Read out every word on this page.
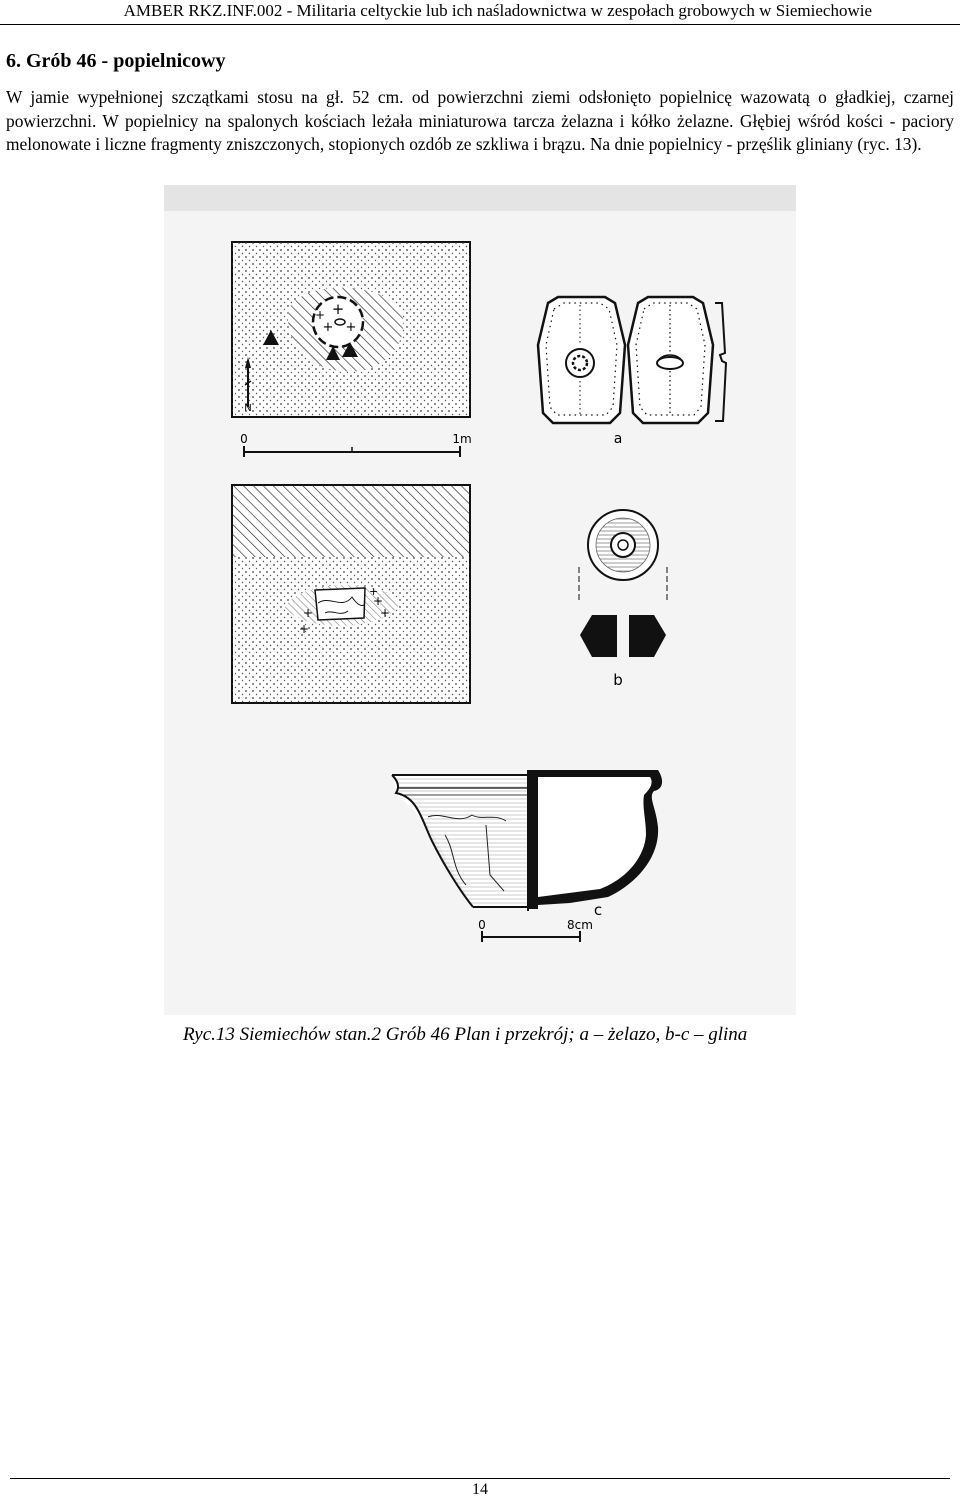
AMBER RKZ.INF.002 - Militaria celtyckie lub ich naśladownictwa w zespołach grobowych w Siemiechowie
6. Grób 46 - popielnicowy

W jamie wypełnionej szczątkami stosu na gł. 52 cm. od powierzchni ziemi odsłonięto popielnicę wazowatą o gładkiej, czarnej powierzchni. W popielnicy na spalonych kościach leżała miniaturowa tarcza żelazna i kółko żelazne. Głębiej wśród kości - paciory melonowate i liczne fragmenty zniszczonych, stopionych ozdób ze szkliwa i brązu. Na dnie popielnicy - przęślik gliniany (ryc. 13).

+
+ +
+
N
0	1m
+
+
+
+
+
a
b
c
0	8cm
Ryc.13 Siemiechów stan.2 Grób 46 Plan i przekrój; a – żelazo, b-c – glina
14
